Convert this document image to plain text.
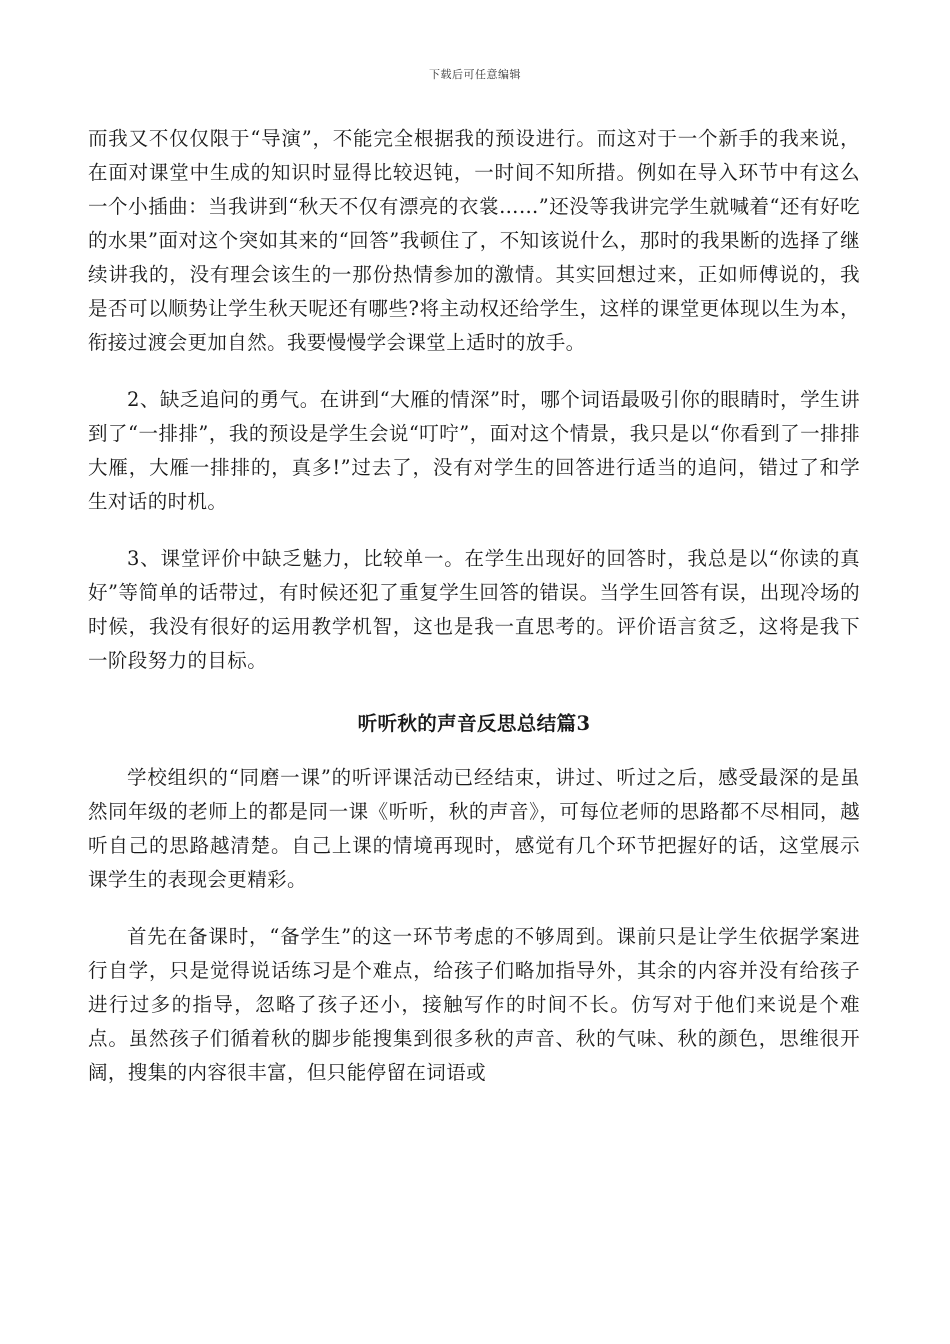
下载后可任意编辑

而我又不仅仅限于“导演”，不能完全根据我的预设进行。而这对于一个新手的我来说，在面对课堂中生成的知识时显得比较迟钝，一时间不知所措。例如在导入环节中有这么一个小插曲：当我讲到“秋天不仅有漂亮的衣裳……”还没等我讲完学生就喊着“还有好吃的水果”面对这个突如其来的“回答”我顿住了，不知该说什么，那时的我果断的选择了继续讲我的，没有理会该生的一那份热情参加的激情。其实回想过来，正如师傅说的，我是否可以顺势让学生秋天呢还有哪些?将主动权还给学生，这样的课堂更体现以生为本，衔接过渡会更加自然。我要慢慢学会课堂上适时的放手。

2、缺乏追问的勇气。在讲到“大雁的情深”时，哪个词语最吸引你的眼睛时，学生讲到了“一排排”，我的预设是学生会说“叮咛”，面对这个情景，我只是以“你看到了一排排大雁，大雁一排排的，真多!”过去了，没有对学生的回答进行适当的追问，错过了和学生对话的时机。

3、课堂评价中缺乏魅力，比较单一。在学生出现好的回答时，我总是以“你读的真好”等简单的话带过，有时候还犯了重复学生回答的错误。当学生回答有误，出现冷场的时候，我没有很好的运用教学机智，这也是我一直思考的。评价语言贫乏，这将是我下一阶段努力的目标。

听听秋的声音反思总结篇3

学校组织的“同磨一课”的听评课活动已经结束，讲过、听过之后，感受最深的是虽然同年级的老师上的都是同一课《听听，秋的声音》，可每位老师的思路都不尽相同，越听自己的思路越清楚。自己上课的情境再现时，感觉有几个环节把握好的话，这堂展示课学生的表现会更精彩。

首先在备课时，“备学生”的这一环节考虑的不够周到。课前只是让学生依据学案进行自学，只是觉得说话练习是个难点，给孩子们略加指导外，其余的内容并没有给孩子进行过多的指导，忽略了孩子还小，接触写作的时间不长。仿写对于他们来说是个难点。虽然孩子们循着秋的脚步能搜集到很多秋的声音、秋的气味、秋的颜色，思维很开阔，搜集的内容很丰富，但只能停留在词语或
